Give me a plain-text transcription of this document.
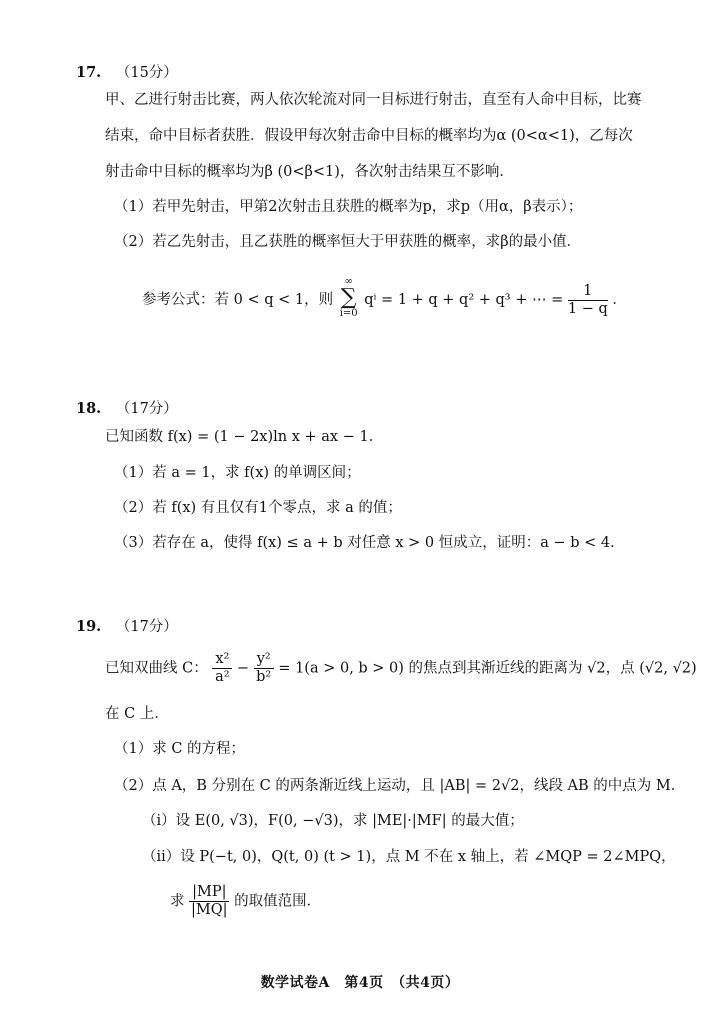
17. （15分）
甲、乙进行射击比赛，两人依次轮流对同一目标进行射击，直至有人命中目标，比赛
结束，命中目标者获胜．假设甲每次射击命中目标的概率均为α (0<α<1)，乙每次
射击命中目标的概率均为β (0<β<1)，各次射击结果互不影响．
（1）若甲先射击，甲第2次射击且获胜的概率为p，求p（用α，β表示）；
（2）若乙先射击，且乙获胜的概率恒大于甲获胜的概率，求β的最小值．
参考公式：若 0 < q < 1，则
∞
∑
i=0
qⁱ = 1 + q + q² + q³ + ⋯ = $\frac{1}{1 - q}$ ．
18. （17分）
已知函数 f(x) = (1 − 2x)ln x + ax − 1．
（1）若 a = 1，求 f(x) 的单调区间；
（2）若 f(x) 有且仅有1个零点，求 a 的值；
（3）若存在 a，使得 f(x) ≤ a + b 对任意 x > 0 恒成立，证明：a − b < 4．
19. （17分）
已知双曲线 C： $\frac{\text{x²}}{\text{a²}} - \frac{\text{y²}}{\text{b²}} = 1(a > 0$, b > 0) 的焦点到其渐近线的距离为 √2，点 (√2, √2)
在 C 上．
（1）求 C 的方程；
（2）点 A，B 分别在 C 的两条渐近线上运动，且 |AB| = 2√2，线段 AB 的中点为 M．
（i）设 E(0, √3)，F(0, −√3)，求 |ME|·|MF| 的最大值；
（ii）设 P(−t, 0)，Q(t, 0) (t > 1)，点 M 不在 x 轴上，若 ∠MQP = 2∠MPQ，
求 $\frac{|MP|}{|MQ|}$ 的取值范围．
数学试卷A　第4页　（共4页）
